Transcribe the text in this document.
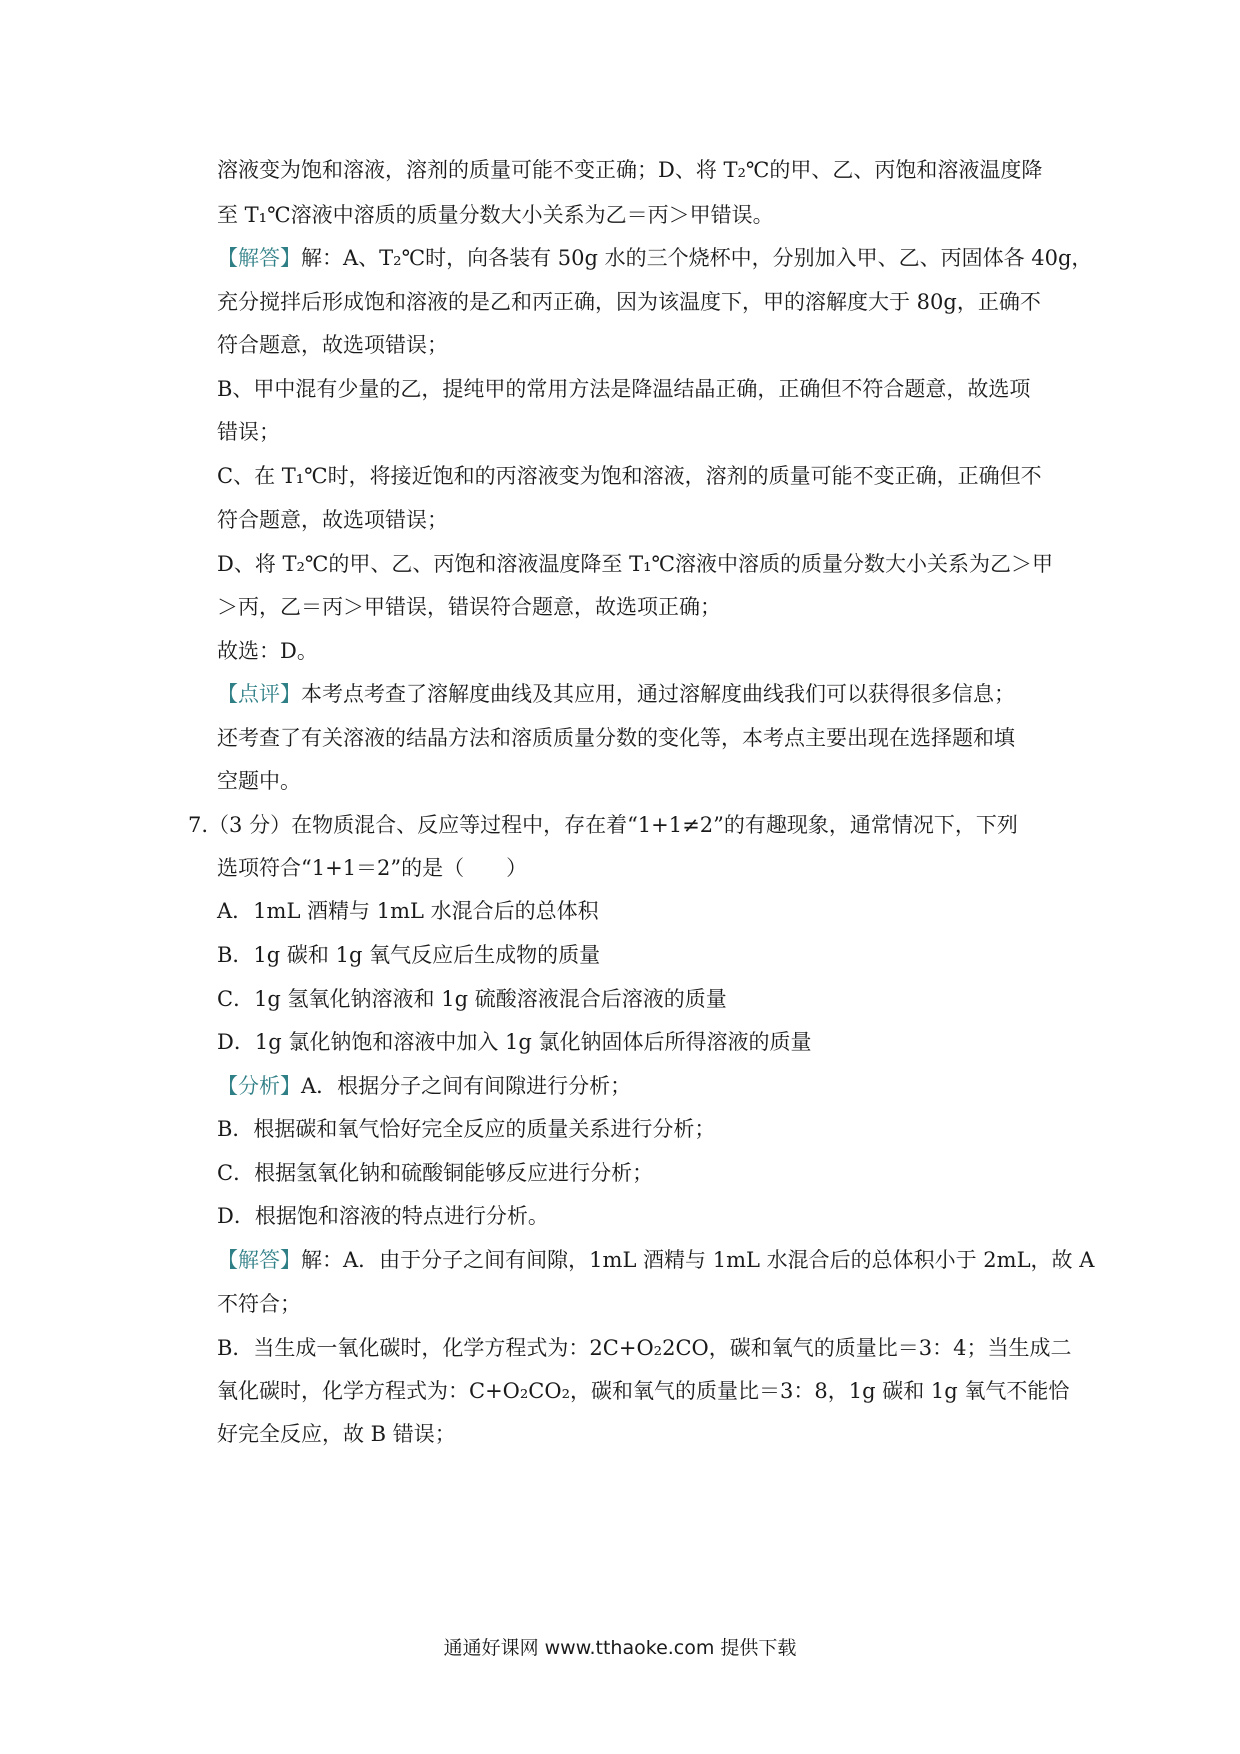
溶液变为饱和溶液，溶剂的质量可能不变正确；D、将 T₂℃的甲、乙、丙饱和溶液温度降
至 T₁℃溶液中溶质的质量分数大小关系为乙＝丙＞甲错误。
【解答】解：A、T₂℃时，向各装有 50g 水的三个烧杯中，分别加入甲、乙、丙固体各 40g，
充分搅拌后形成饱和溶液的是乙和丙正确，因为该温度下，甲的溶解度大于 80g，正确不
符合题意，故选项错误；
B、甲中混有少量的乙，提纯甲的常用方法是降温结晶正确，正确但不符合题意，故选项
错误；
C、在 T₁℃时，将接近饱和的丙溶液变为饱和溶液，溶剂的质量可能不变正确，正确但不
符合题意，故选项错误；
D、将 T₂℃的甲、乙、丙饱和溶液温度降至 T₁℃溶液中溶质的质量分数大小关系为乙＞甲
＞丙，乙＝丙＞甲错误，错误符合题意，故选项正确；
故选：D。
【点评】本考点考查了溶解度曲线及其应用，通过溶解度曲线我们可以获得很多信息；
还考查了有关溶液的结晶方法和溶质质量分数的变化等，本考点主要出现在选择题和填
空题中。
7.（3 分）在物质混合、反应等过程中，存在着“1+1≠2”的有趣现象，通常情况下，下列
选项符合“1+1＝2”的是（　　）
A．1mL 酒精与 1mL 水混合后的总体积
B．1g 碳和 1g 氧气反应后生成物的质量
C．1g 氢氧化钠溶液和 1g 硫酸溶液混合后溶液的质量
D．1g 氯化钠饱和溶液中加入 1g 氯化钠固体后所得溶液的质量
【分析】A．根据分子之间有间隙进行分析；
B．根据碳和氧气恰好完全反应的质量关系进行分析；
C．根据氢氧化钠和硫酸铜能够反应进行分析；
D．根据饱和溶液的特点进行分析。
【解答】解：A．由于分子之间有间隙，1mL 酒精与 1mL 水混合后的总体积小于 2mL，故 A
不符合；
B．当生成一氧化碳时，化学方程式为：2C+O₂2CO，碳和氧气的质量比＝3：4；当生成二
氧化碳时，化学方程式为：C+O₂CO₂，碳和氧气的质量比＝3：8，1g 碳和 1g 氧气不能恰
好完全反应，故 B 错误；
通通好课网 www.tthaoke.com 提供下载
